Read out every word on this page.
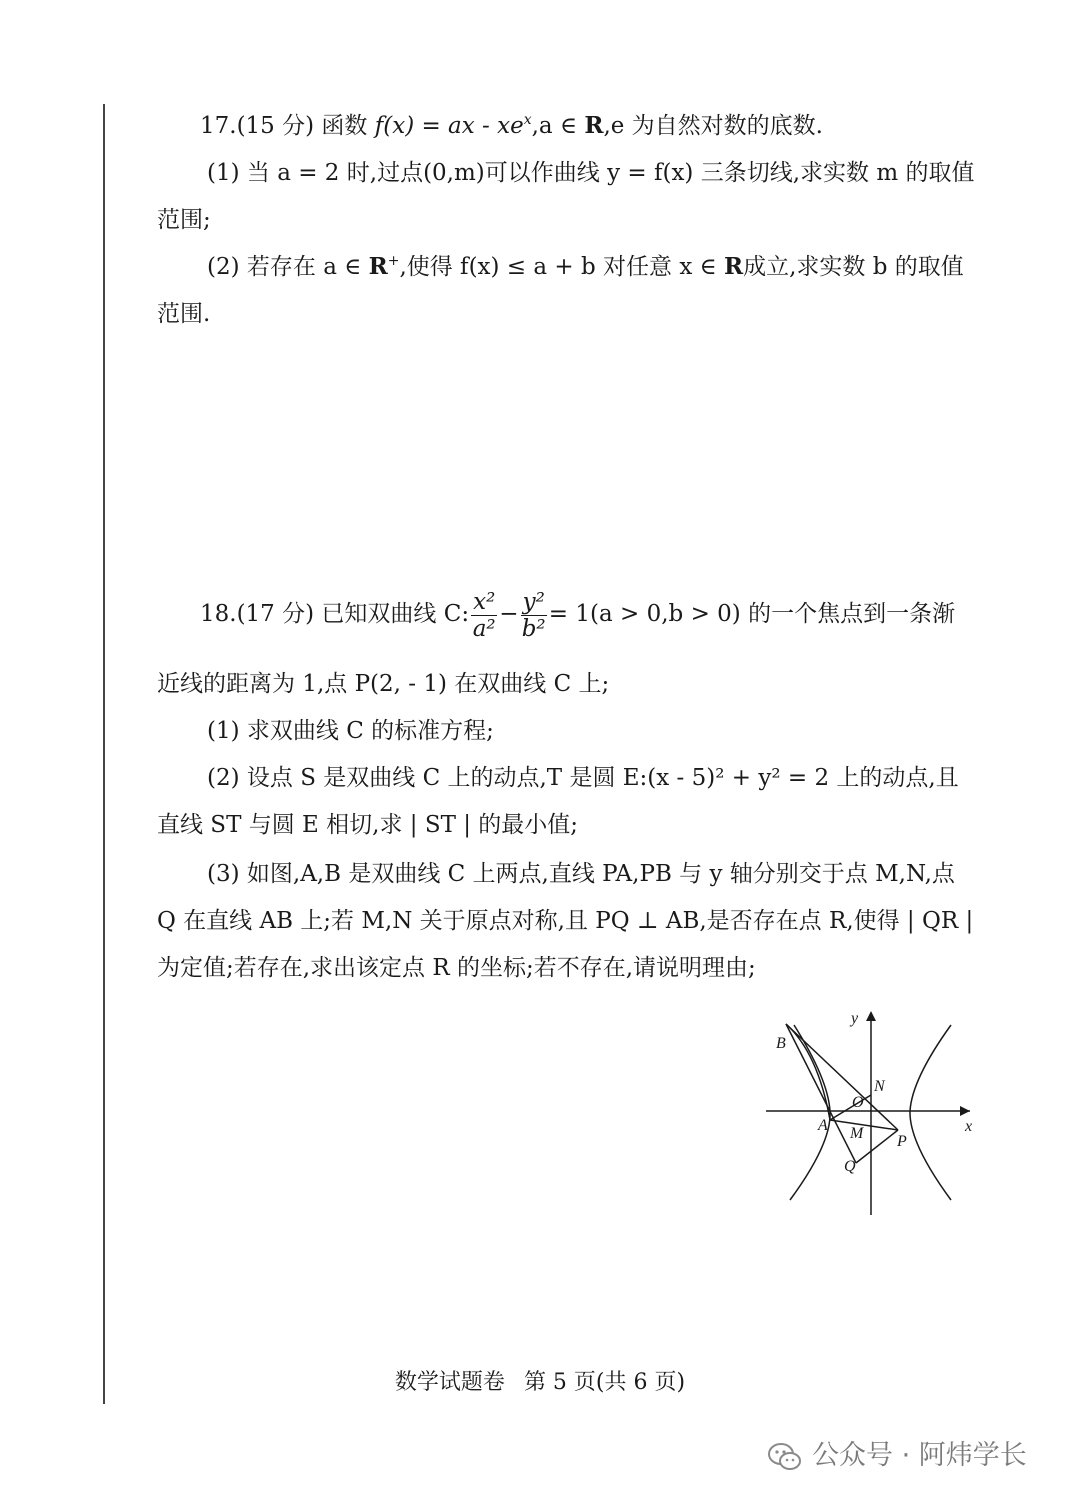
17.(15 分) 函数 f(x) = ax - $xe^x,a$ ∈ R,e 为自然对数的底数.
(1) 当 a = 2 时,过点(0,m)可以作曲线 y = f(x) 三条切线,求实数 m 的取值
范围;
(2) 若存在 a ∈ R+,使得 f(x) ≤ a + b 对任意 x ∈ R成立,求实数 b 的取值
范围.
18.(17 分) 已知双曲线 C: $\frac{\text{x²}}{\text{a²}} - \frac{\text{y²}}{\text{b²}} = 1(a > 0,b > 0)$ 的一个焦点到一条渐
近线的距离为 1,点 P(2, - 1) 在双曲线 C 上;
(1) 求双曲线 C 的标准方程;
(2) 设点 S 是双曲线 C 上的动点,T 是圆 E:(x - 5)² + y² = 2 上的动点,且
直线 ST 与圆 E 相切,求 | ST | 的最小值;
(3) 如图,A,B 是双曲线 C 上两点,直线 PA,PB 与 y 轴分别交于点 M,N,点
Q 在直线 AB 上;若 M,N 关于原点对称,且 PQ ⊥ AB,是否存在点 R,使得 | QR |
为定值;若存在,求出该定点 R 的坐标;若不存在,请说明理由;
B
y
N
O
A M P
x
Q
数学试题卷 第 5 页(共 6 页)
公众号 · 阿炜学长
